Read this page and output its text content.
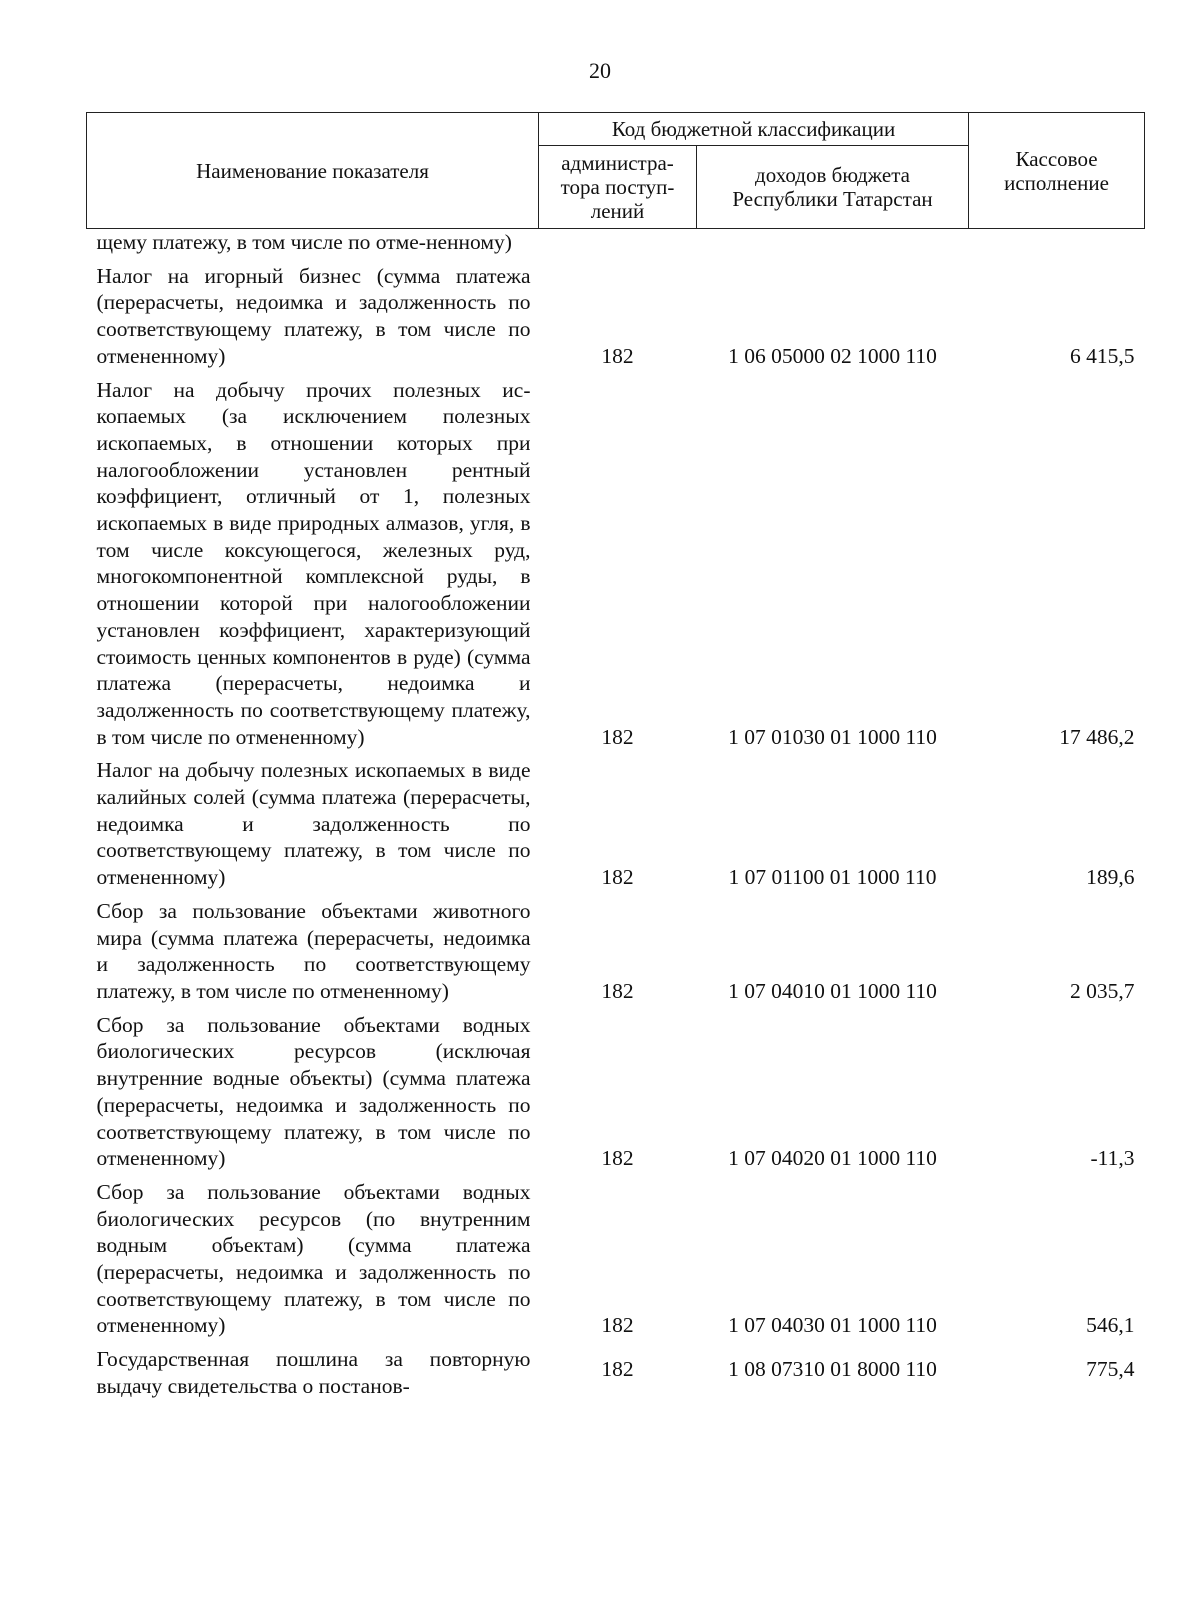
20
Наименование показателя	Код бюджетной классификации		Кассовое исполнение
	администра-тора поступ-лений	доходов бюджета Республики Татарстан	

щему платежу, в том числе по отме-ненному)			

Налог на игорный бизнес (сумма платежа (перерасчеты, недоимка и задолженность по соответствующему платежу, в том числе по отмененному)	182	1 06 05000 02 1000 110	6 415,5

Налог на добычу прочих полезных ископаемых (за исключением полезных ископаемых, в отношении которых при налогообложении установлен рентный коэффициент, отличный от 1, полезных ископаемых в виде природных алмазов, угля, в том числе коксующегося, железных руд, многокомпонентной комплексной руды, в отношении которой при налогообложении установлен коэффициент, характеризующий стоимость ценных компонентов в руде) (сумма платежа (перерасчеты, недоимка и задолженность по соответствующему платежу, в том числе по отмененному)	182	1 07 01030 01 1000 110	17 486,2

Налог на добычу полезных ископаемых в виде калийных солей (сумма платежа (перерасчеты, недоимка и задолженность по соответствующему платежу, в том числе по отмененному)	182	1 07 01100 01 1000 110	189,6

Сбор за пользование объектами животного мира (сумма платежа (перерасчеты, недоимка и задолженность по соответствующему платежу, в том числе по отмененному)	182	1 07 04010 01 1000 110	2 035,7

Сбор за пользование объектами водных биологических ресурсов (исключая внутренние водные объекты) (сумма платежа (перерасчеты, недоимка и задолженность по соответствующему платежу, в том числе по отмененному)	182	1 07 04020 01 1000 110	-11,3

Сбор за пользование объектами водных биологических ресурсов (по внутренним водным объектам) (сумма платежа (перерасчеты, недоимка и задолженность по соответствующему платежу, в том числе по отмененному)	182	1 07 04030 01 1000 110	546,1

Государственная пошлина за повторную выдачу свидетельства о постанов-	182	1 08 07310 01 8000 110	775,4
